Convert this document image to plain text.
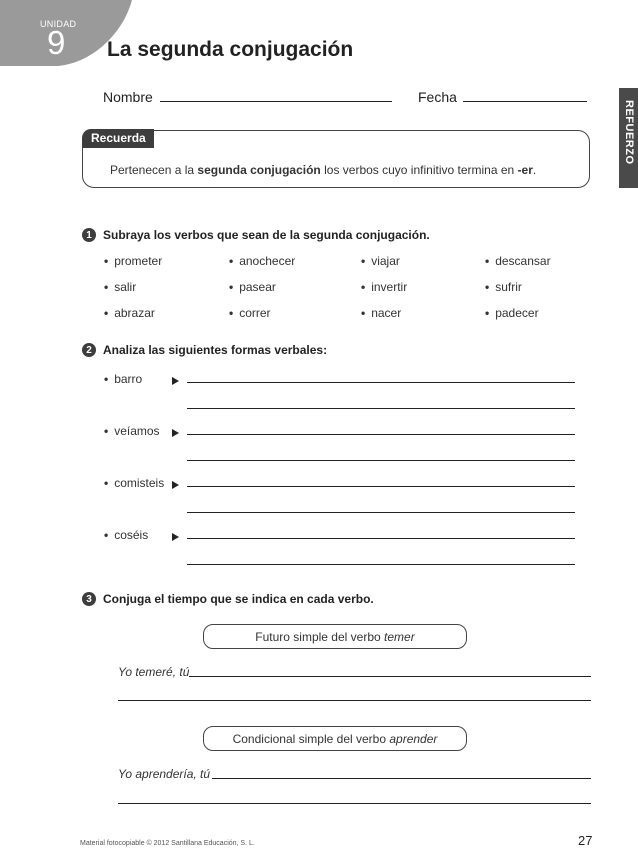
UNIDAD
9 La segunda conjugación
REFUERZO
Nombre	Fecha
Recuerda
Pertenecen a la segunda conjugación los verbos cuyo infinitivo termina en -er.
1 Subraya los verbos que sean de la segunda conjugación.
• prometer	• anochecer	• viajar	• descansar
• salir	• pasear	• invertir	• sufrir
• abrazar	• correr	• nacer	• padecer
2 Analiza las siguientes formas verbales:
• barro
• veíamos
• comisteis
• coséis
3 Conjuga el tiempo que se indica en cada verbo.
Futuro simple del verbo temer
Yo temeré, tú
Condicional simple del verbo aprender
Yo aprendería, tú
Material fotocopiable © 2012 Santillana Educación, S. L.	27
